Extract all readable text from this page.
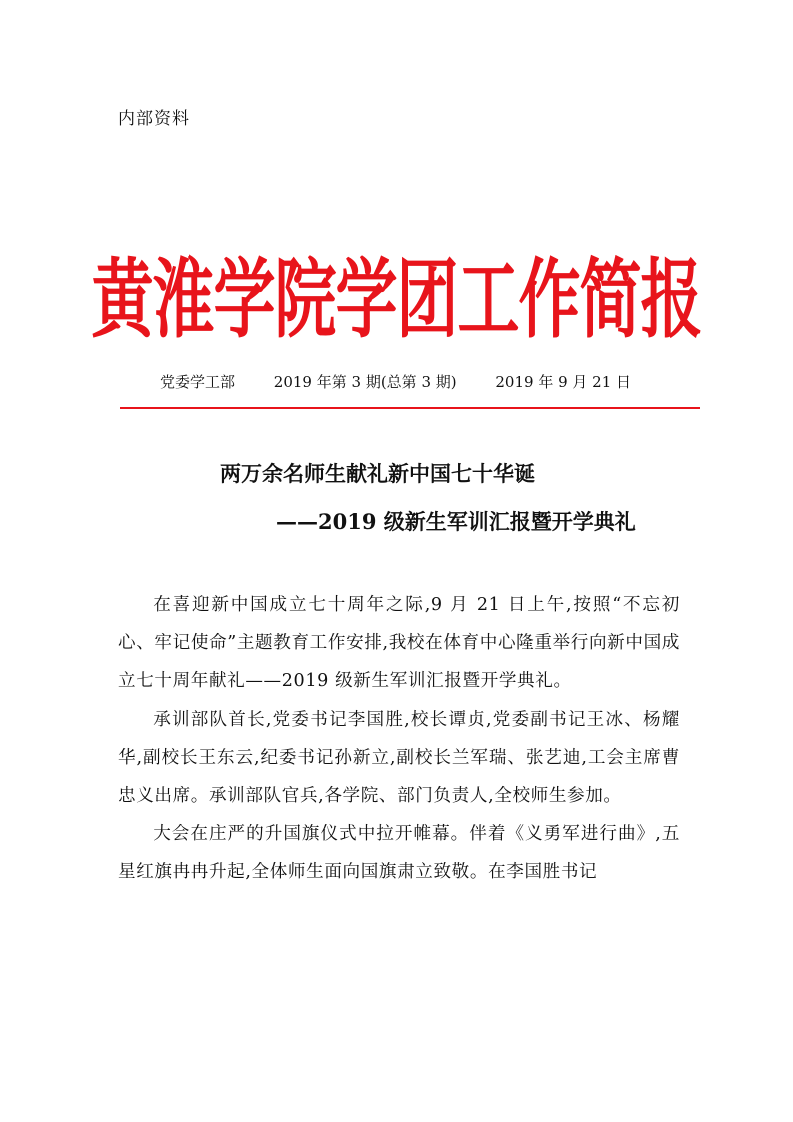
内部资料
黄淮学院学团工作简报
党委学工部	2019 年第 3 期(总第 3 期)	2019 年 9 月 21 日
两万余名师生献礼新中国七十华诞
——2019 级新生军训汇报暨开学典礼

在喜迎新中国成立七十周年之际,9 月 21 日上午,按照“不忘初心、牢记使命”主题教育工作安排,我校在体育中心隆重举行向新中国成立七十周年献礼——2019 级新生军训汇报暨开学典礼。

承训部队首长,党委书记李国胜,校长谭贞,党委副书记王冰、杨耀华,副校长王东云,纪委书记孙新立,副校长兰军瑞、张艺迪,工会主席曹忠义出席。承训部队官兵,各学院、部门负责人,全校师生参加。

大会在庄严的升国旗仪式中拉开帷幕。伴着《义勇军进行曲》,五星红旗冉冉升起,全体师生面向国旗肃立致敬。在李国胜书记
